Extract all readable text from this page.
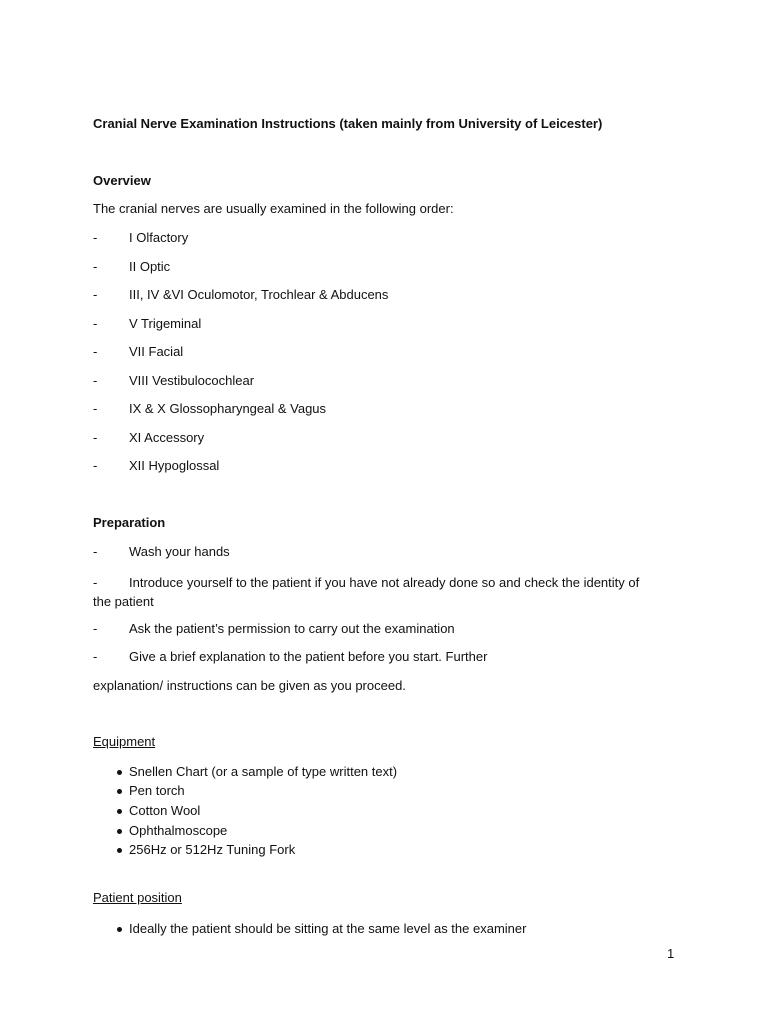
Cranial Nerve Examination Instructions (taken mainly from University of Leicester)

Overview

The cranial nerves are usually examined in the following order:

- I Olfactory

- II Optic

- III, IV &VI Oculomotor, Trochlear & Abducens

- V Trigeminal

- VII Facial

- VIII Vestibulocochlear

- IX & X Glossopharyngeal & Vagus

- XI Accessory

- XII Hypoglossal

Preparation

- Wash your hands

- Introduce yourself to the patient if you have not already done so and check the identity of
the patient

- Ask the patient’s permission to carry out the examination

- Give a brief explanation to the patient before you start. Further

explanation/ instructions can be given as you proceed.

Equipment

Snellen Chart (or a sample of type written text)
Pen torch
Cotton Wool
Ophthalmoscope
256Hz or 512Hz Tuning Fork

Patient position

Ideally the patient should be sitting at the same level as the examiner
1
